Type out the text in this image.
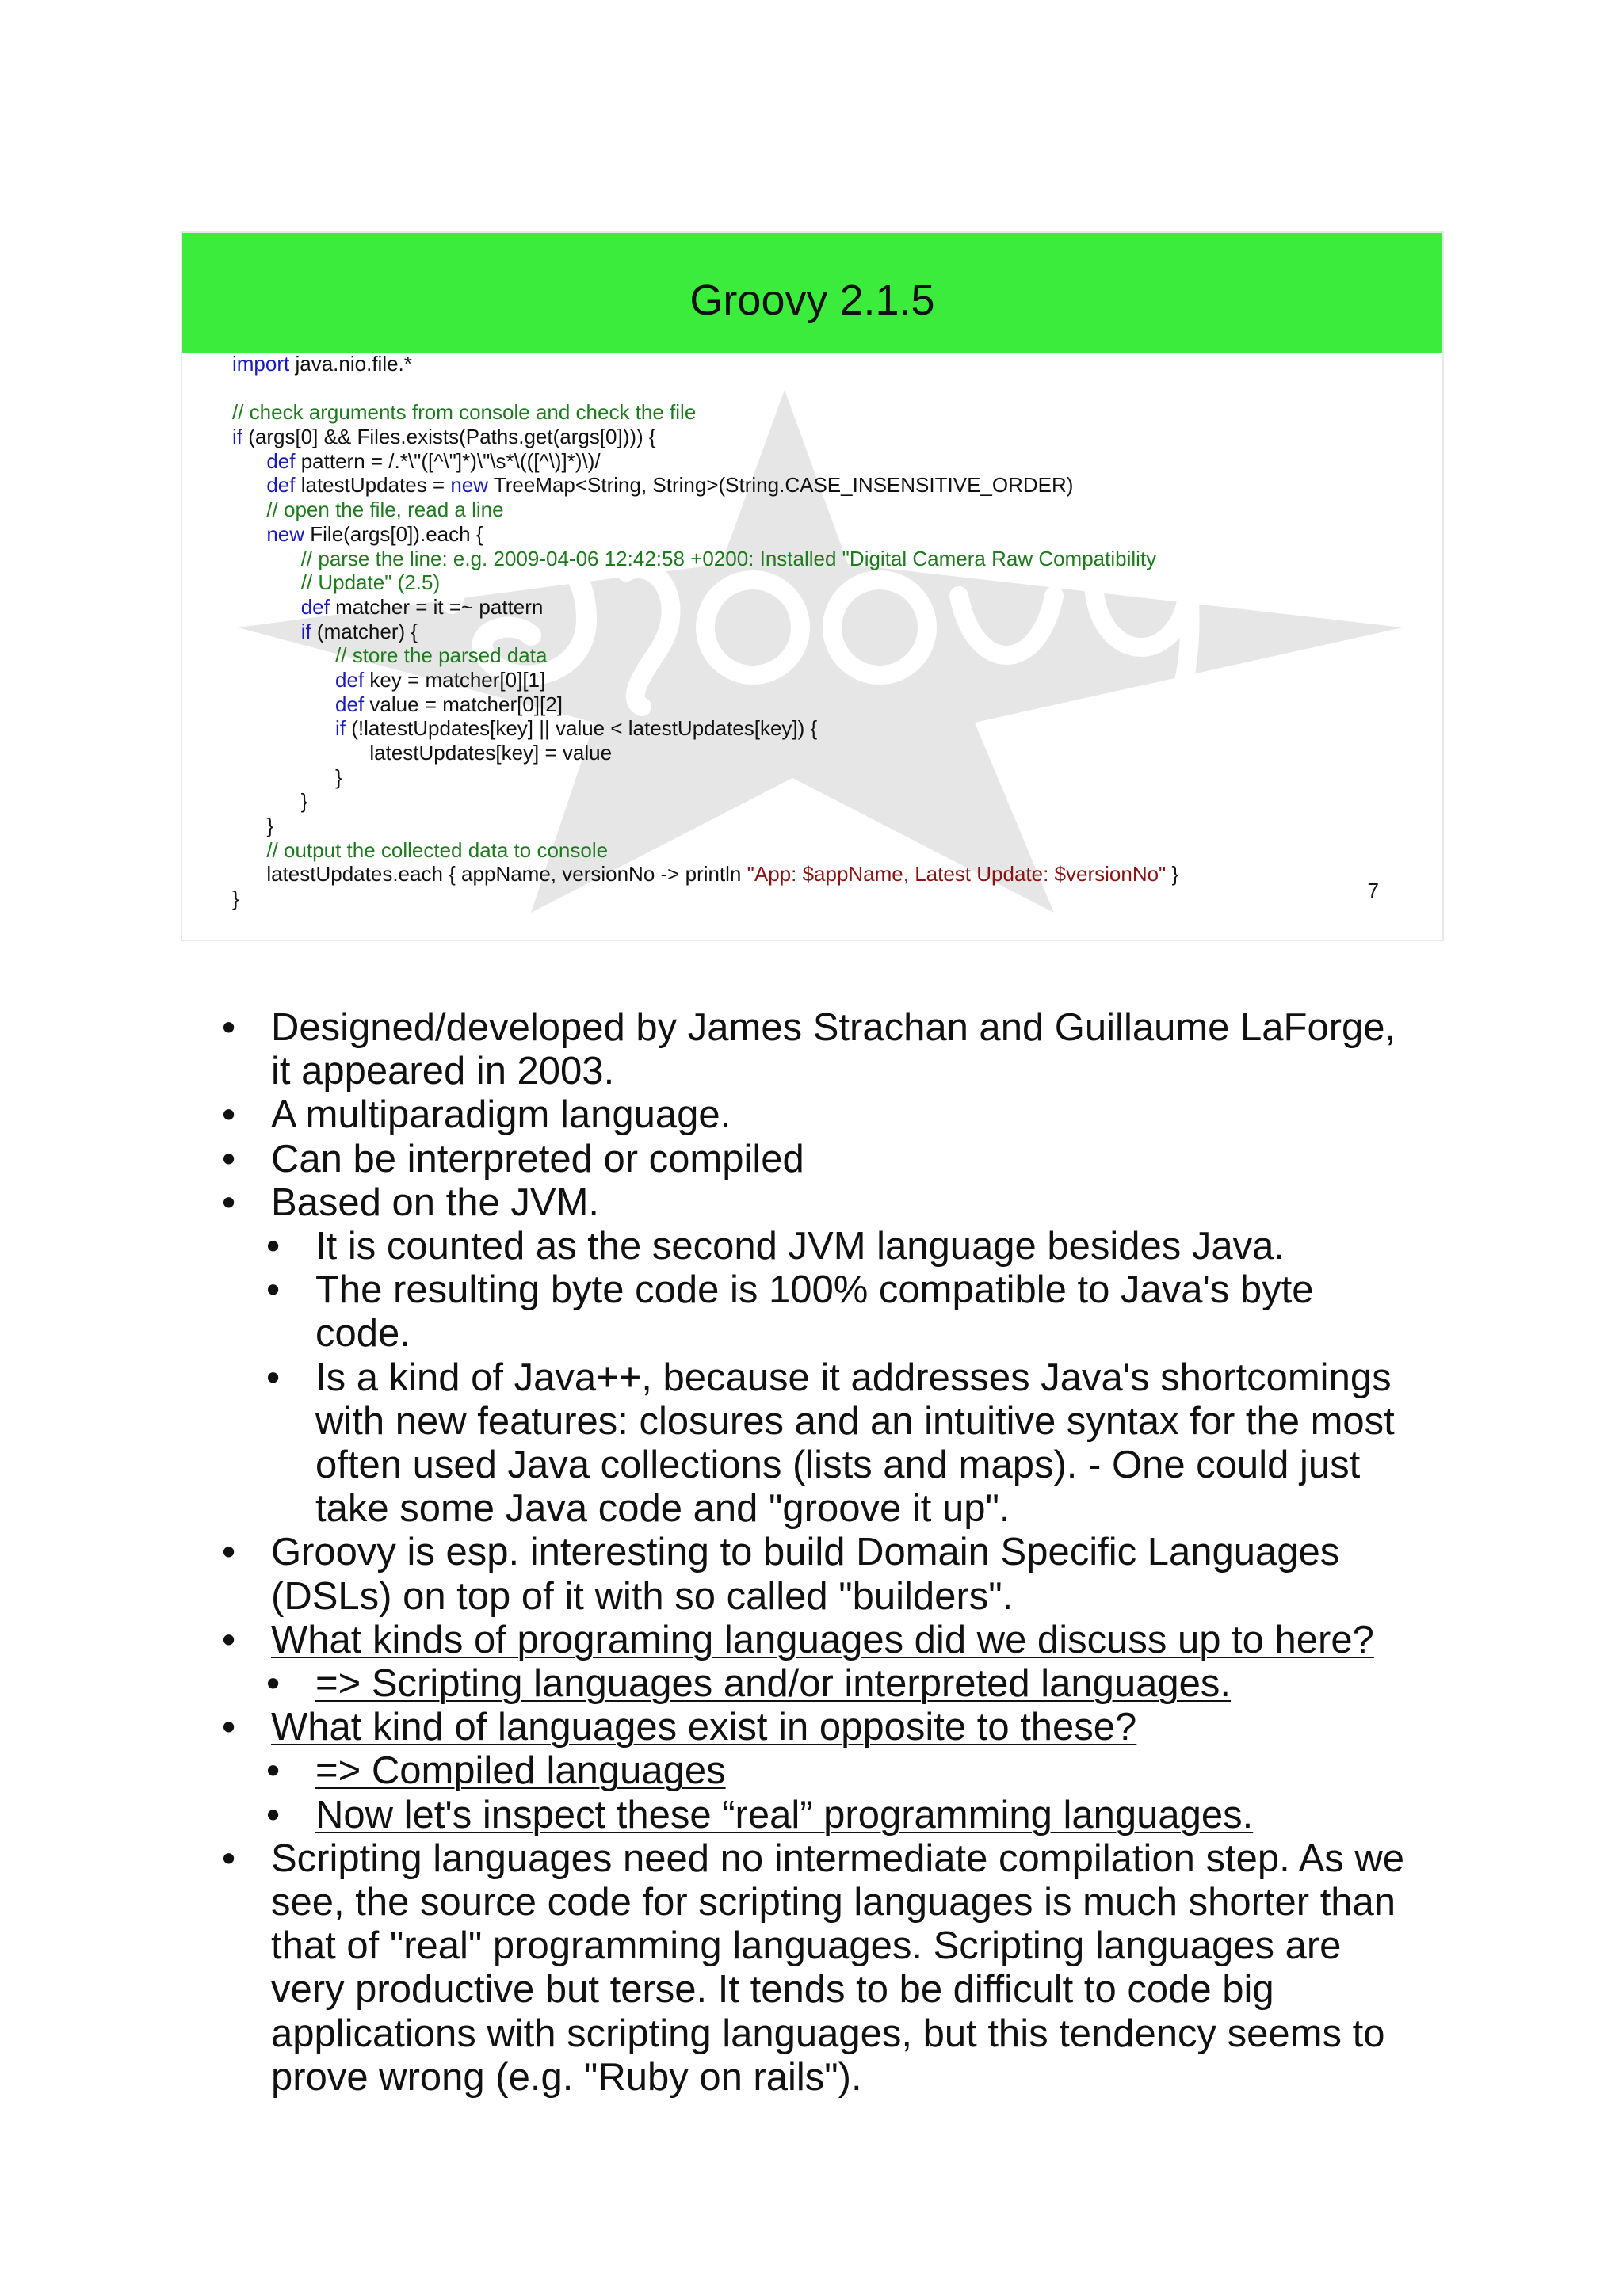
Groovy 2.1.5
import java.nio.file.*
// check arguments from console and check the file
if (args[0] && Files.exists(Paths.get(args[0]))) {
def pattern = /.*\"([^\"]*)\"\s*\(([^\)]*)\)/
def latestUpdates = new TreeMap<String, String>(String.CASE_INSENSITIVE_ORDER)
// open the file, read a line
new File(args[0]).each {
// parse the line: e.g. 2009-04-06 12:42:58 +0200: Installed "Digital Camera Raw Compatibility
// Update" (2.5)
def matcher = it =~ pattern
if (matcher) {
// store the parsed data
def key = matcher[0][1]
def value = matcher[0][2]
if (!latestUpdates[key] || value < latestUpdates[key]) {
latestUpdates[key] = value
}
}
}
// output the collected data to console
latestUpdates.each { appName, versionNo -> println "App: $appName, Latest Update: $versionNo" }
}	7
• Designed/developed by James Strachan and Guillaume LaForge,
it appeared in 2003.
• A multiparadigm language.
• Can be interpreted or compiled
• Based on the JVM.
• It is counted as the second JVM language besides Java.
• The resulting byte code is 100% compatible to Java's byte
code.
• Is a kind of Java++, because it addresses Java's shortcomings
with new features: closures and an intuitive syntax for the most
often used Java collections (lists and maps). - One could just
take some Java code and "groove it up".
• Groovy is esp. interesting to build Domain Specific Languages
(DSLs) on top of it with so called "builders".
• What kinds of programing languages did we discuss up to here?
• => Scripting languages and/or interpreted languages.
• What kind of languages exist in opposite to these?
• => Compiled languages
• Now let's inspect these “real” programming languages.
• Scripting languages need no intermediate compilation step. As we
see, the source code for scripting languages is much shorter than
that of "real" programming languages. Scripting languages are
very productive but terse. It tends to be difficult to code big
applications with scripting languages, but this tendency seems to
prove wrong (e.g. "Ruby on rails").
